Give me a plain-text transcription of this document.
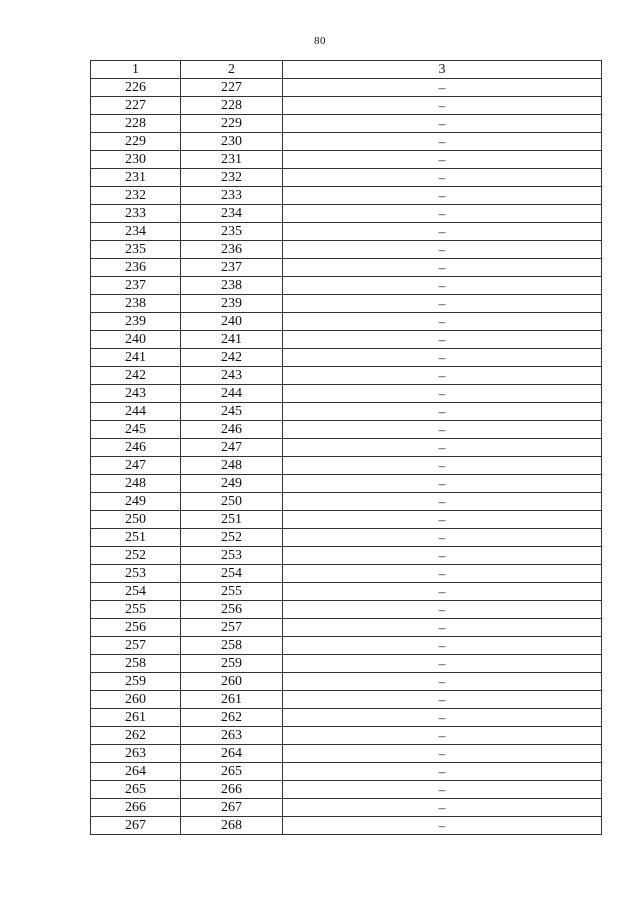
80
1	2	3
226	227	–
227	228	–
228	229	–
229	230	–
230	231	–
231	232	–
232	233	–
233	234	–
234	235	–
235	236	–
236	237	–
237	238	–
238	239	–
239	240	–
240	241	–
241	242	–
242	243	–
243	244	–
244	245	–
245	246	–
246	247	–
247	248	–
248	249	–
249	250	–
250	251	–
251	252	–
252	253	–
253	254	–
254	255	–
255	256	–
256	257	–
257	258	–
258	259	–
259	260	–
260	261	–
261	262	–
262	263	–
263	264	–
264	265	–
265	266	–
266	267	–
267	268	–
